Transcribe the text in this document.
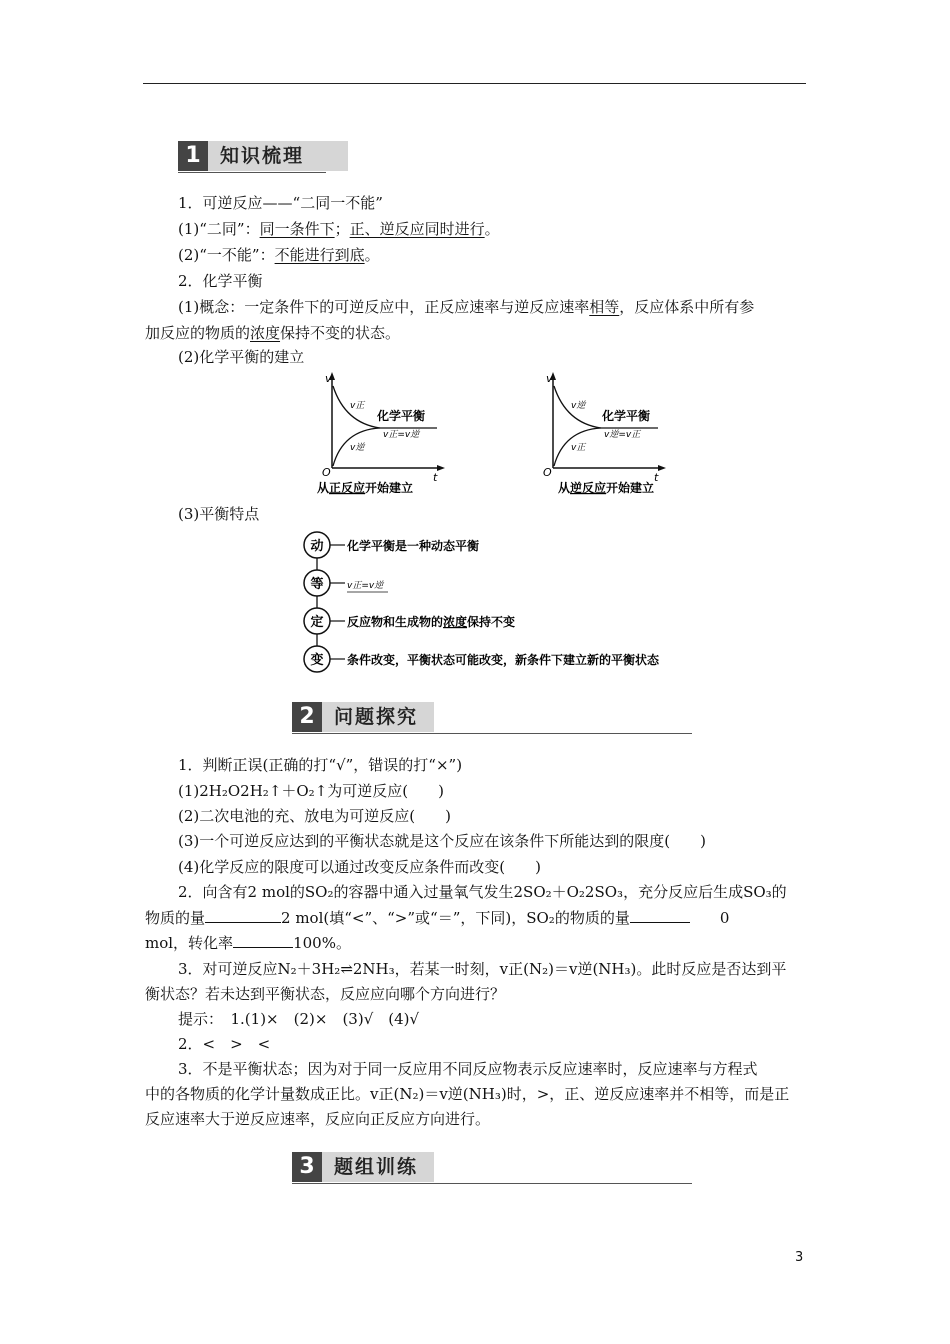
1	知识梳理
1．可逆反应——“二同一不能”
(1)“二同”：同一条件下；正、逆反应同时进行。
(2)“一不能”：不能进行到底。
2．化学平衡
(1)概念：一定条件下的可逆反应中，正反应速率与逆反应速率相等，反应体系中所有参
加反应的物质的浓度保持不变的状态。
(2)化学平衡的建立
v
t
O
v正
v逆
化学平衡
v正=v逆
从正反应开始建立
v
t
O
v逆
v正
化学平衡
v逆=v正
从逆反应开始建立
(3)平衡特点
动 化学平衡是一种动态平衡
等	v正=v逆
定 反应物和生成物的浓度保持不变
变 条件改变，平衡状态可能改变，新条件下建立新的平衡状态
2	问题探究
1．判断正误(正确的打“√”，错误的打“×”)
(1)2H₂O2H₂↑＋O₂↑为可逆反应(　　)
(2)二次电池的充、放电为可逆反应(　　)
(3)一个可逆反应达到的平衡状态就是这个反应在该条件下所能达到的限度(　　)
(4)化学反应的限度可以通过改变反应条件而改变(　　)
2．向含有2 mol的SO₂的容器中通入过量氧气发生2SO₂＋O₂2SO₃，充分反应后生成SO₃的
物质的量	2 mol(填“<”、“>”或“＝”，下同)，SO₂的物质的量	0
mol，转化率	100%。
3．对可逆反应N₂＋3H₂⇌2NH₃，若某一时刻，v正(N₂)＝v逆(NH₃)。此时反应是否达到平
衡状态？若未达到平衡状态，反应应向哪个方向进行？
提示：　1.(1)×　(2)×　(3)√　(4)√
2．<　>　<
3．不是平衡状态；因为对于同一反应用不同反应物表示反应速率时，反应速率与方程式
中的各物质的化学计量数成正比。v正(N₂)＝v逆(NH₃)时，>，正、逆反应速率并不相等，而是正
反应速率大于逆反应速率，反应向正反应方向进行。
3	题组训练
3
